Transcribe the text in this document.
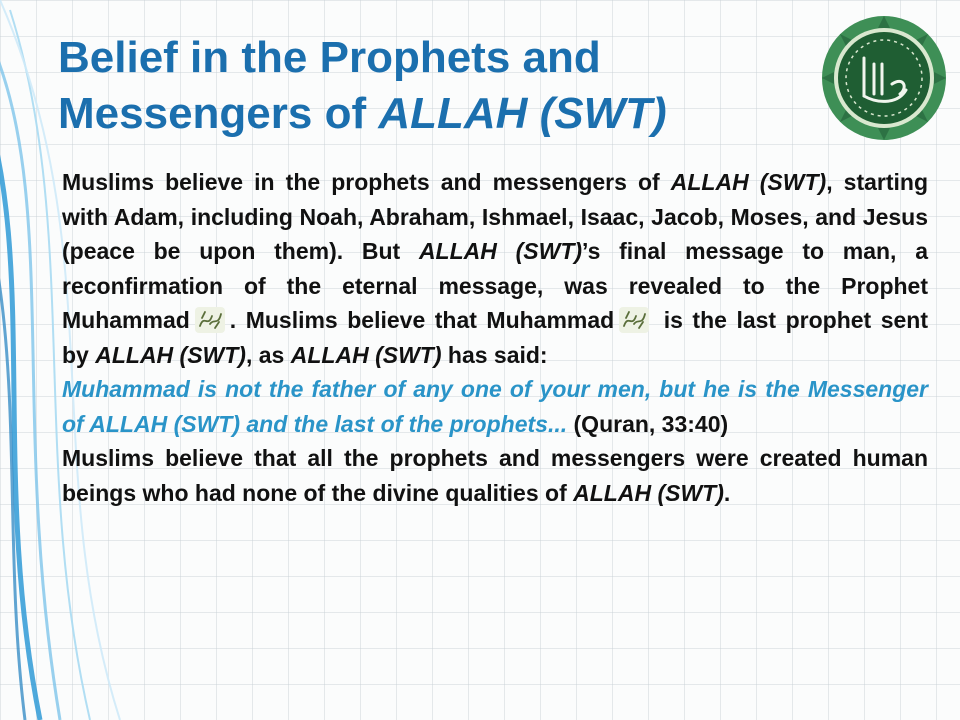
Belief in the Prophets and
Messengers of ALLAH (SWT)

Muslims believe in the prophets and messengers of ALLAH (SWT), starting with Adam, including Noah, Abraham, Ishmael, Isaac, Jacob, Moses, and Jesus (peace be upon them). But ALLAH (SWT)’s final message to man, a reconfirmation of the eternal message, was revealed to the Prophet Muhammad . Muslims believe that Muhammad is the last prophet sent by ALLAH (SWT), as ALLAH (SWT) has said:

Muhammad is not the father of any one of your men, but he is the Messenger of ALLAH (SWT) and the last of the prophets... (Quran, 33:40)

Muslims believe that all the prophets and messengers were created human beings who had none of the divine qualities of ALLAH (SWT).
